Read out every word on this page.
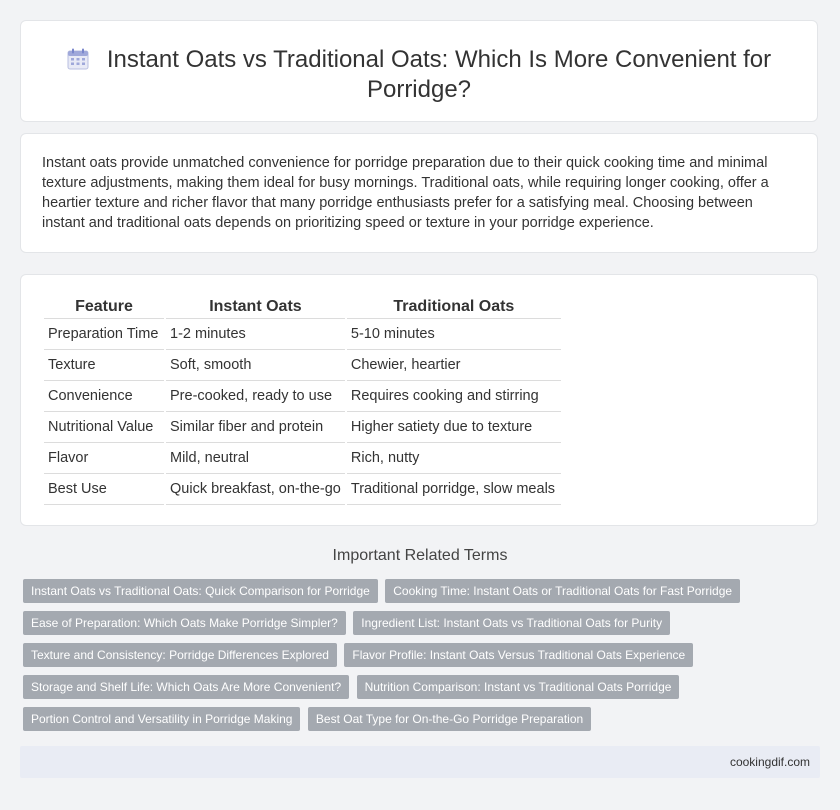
Instant Oats vs Traditional Oats: Which Is More Convenient for Porridge?

Instant oats provide unmatched convenience for porridge preparation due to their quick cooking time and minimal texture adjustments, making them ideal for busy mornings. Traditional oats, while requiring longer cooking, offer a heartier texture and richer flavor that many porridge enthusiasts prefer for a satisfying meal. Choosing between instant and traditional oats depends on prioritizing speed or texture in your porridge experience.

Feature	Instant Oats	Traditional Oats
Preparation Time	1-2 minutes	5-10 minutes
Texture	Soft, smooth	Chewier, heartier
Convenience	Pre-cooked, ready to use	Requires cooking and stirring
Nutritional Value	Similar fiber and protein	Higher satiety due to texture
Flavor	Mild, neutral	Rich, nutty
Best Use	Quick breakfast, on-the-go	Traditional porridge, slow meals
Important Related Terms
Instant Oats vs Traditional Oats: Quick Comparison for Porridge Cooking Time: Instant Oats or Traditional Oats for Fast Porridge
Ease of Preparation: Which Oats Make Porridge Simpler? Ingredient List: Instant Oats vs Traditional Oats for Purity
Texture and Consistency: Porridge Differences Explored Flavor Profile: Instant Oats Versus Traditional Oats Experience
Storage and Shelf Life: Which Oats Are More Convenient? Nutrition Comparison: Instant vs Traditional Oats Porridge
Portion Control and Versatility in Porridge Making Best Oat Type for On-the-Go Porridge Preparation
cookingdif.com
